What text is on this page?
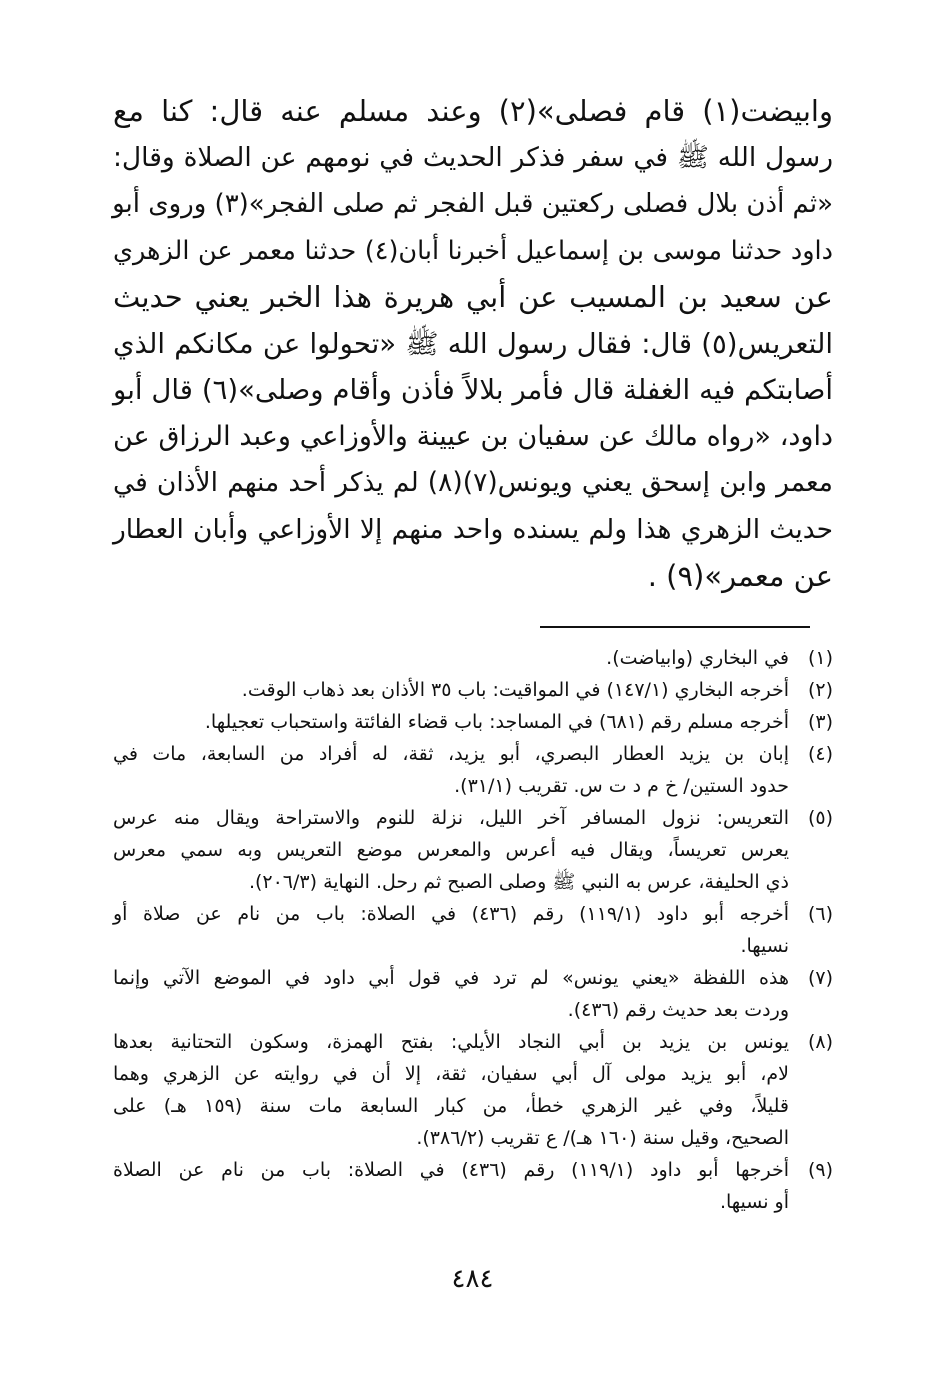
وابيضت(١) قام فصلى»(٢) وعند مسلم عنه قال: كنا مع
رسول الله ﷺ في سفر فذكر الحديث في نومهم عن الصلاة وقال:
«ثم أذن بلال فصلى ركعتين قبل الفجر ثم صلى الفجر»(٣) وروى أبو
داود حدثنا موسى بن إسماعيل أخبرنا أبان(٤) حدثنا معمر عن الزهري
عن سعيد بن المسيب عن أبي هريرة هذا الخبر يعني حديث
التعريس(٥) قال: فقال رسول الله ﷺ «تحولوا عن مكانكم الذي
أصابتكم فيه الغفلة قال فأمر بلالاً فأذن وأقام وصلى»(٦) قال أبو
داود، «رواه مالك عن سفيان بن عيينة والأوزاعي وعبد الرزاق عن
معمر وابن إسحق يعني ويونس(٧)(٨) لم يذكر أحد منهم الأذان في
حديث الزهري هذا ولم يسنده واحد منهم إلا الأوزاعي وأبان العطار
عن معمر»(٩) .
(١)
في البخاري (وابياضت).
(٢)
أخرجه البخاري (١٤٧/١) في المواقيت: باب ٣٥ الأذان بعد ذهاب الوقت.
(٣)
أخرجه مسلم رقم (٦٨١) في المساجد: باب قضاء الفائتة واستحباب تعجيلها.
(٤)
إبان بن يزيد العطار البصري، أبو يزيد، ثقة، له أفراد من السابعة، مات في
حدود الستين/ خ م د ت س. تقريب (٣١/١).
(٥)
التعريس: نزول المسافر آخر الليل، نزلة للنوم والاستراحة ويقال منه عرس
يعرس تعريساً، ويقال فيه أعرس والمعرس موضع التعريس وبه سمي معرس
ذي الحليفة، عرس به النبي ﷺ وصلى الصبح ثم رحل. النهاية (٢٠٦/٣).
(٦)
أخرجه أبو داود (١١٩/١) رقم (٤٣٦) في الصلاة: باب من نام عن صلاة أو
نسيها.
(٧)
هذه اللفظة «يعني يونس» لم ترد في قول أبي داود في الموضع الآتي وإنما
وردت بعد حديث رقم (٤٣٦).
(٨)
يونس بن يزيد بن أبي النجاد الأيلي: بفتح الهمزة، وسكون التحتانية بعدها
لام، أبو يزيد مولى آل أبي سفيان، ثقة، إلا أن في روايته عن الزهري وهما
قليلاً، وفي غير الزهري خطأ، من كبار السابعة مات سنة (١٥٩ هـ) على
الصحيح، وقيل سنة (١٦٠ هـ)/ ع تقريب (٣٨٦/٢).
(٩)
أخرجها أبو داود (١١٩/١) رقم (٤٣٦) في الصلاة: باب من نام عن الصلاة
أو نسيها.
٤٨٤
